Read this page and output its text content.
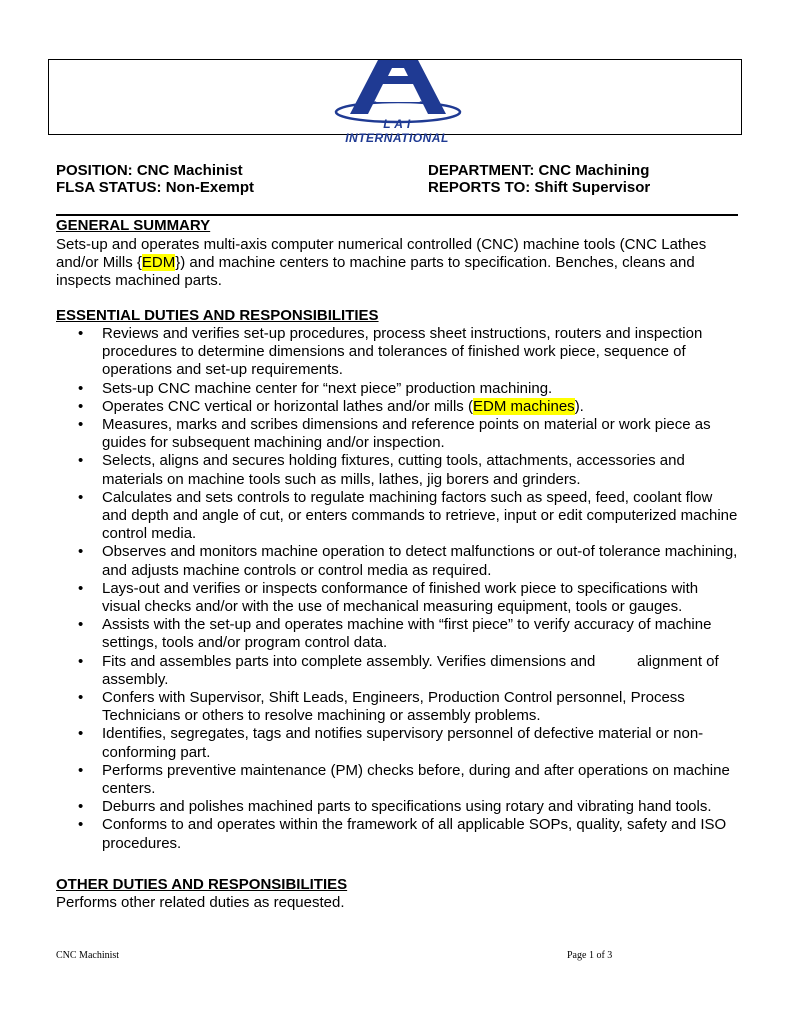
L A I INTERNATIONAL
POSITION: CNC Machinist
FLSA STATUS: Non-Exempt
DEPARTMENT: CNC Machining
REPORTS TO: Shift Supervisor
GENERAL SUMMARY
Sets-up and operates multi-axis computer numerical controlled (CNC) machine tools (CNC Lathes and/or Mills {EDM}) and machine centers to machine parts to specification. Benches, cleans and inspects machined parts.
ESSENTIAL DUTIES AND RESPONSIBILITIES
• Reviews and verifies set-up procedures, process sheet instructions, routers and inspection procedures to determine dimensions and tolerances of finished work piece, sequence of operations and set-up requirements.
• Sets-up CNC machine center for “next piece” production machining.
• Operates CNC vertical or horizontal lathes and/or mills (EDM machines).
• Measures, marks and scribes dimensions and reference points on material or work piece as guides for subsequent machining and/or inspection.
• Selects, aligns and secures holding fixtures, cutting tools, attachments, accessories and materials on machine tools such as mills, lathes, jig borers and grinders.
• Calculates and sets controls to regulate machining factors such as speed, feed, coolant flow and depth and angle of cut, or enters commands to retrieve, input or edit computerized machine control media.
• Observes and monitors machine operation to detect malfunctions or out-of tolerance machining, and adjusts machine controls or control media as required.
• Lays-out and verifies or inspects conformance of finished work piece to specifications with visual checks and/or with the use of mechanical measuring equipment, tools or gauges.
• Assists with the set-up and operates machine with “first piece” to verify accuracy of machine settings, tools and/or program control data.
• Fits and assembles parts into complete assembly. Verifies dimensions and          alignment of assembly.
• Confers with Supervisor, Shift Leads, Engineers, Production Control personnel, Process Technicians or others to resolve machining or assembly problems.
• Identifies, segregates, tags and notifies supervisory personnel of defective material or non-conforming part.
• Performs preventive maintenance (PM) checks before, during and after operations on machine centers.
• Deburrs and polishes machined parts to specifications using rotary and vibrating hand tools.
• Conforms to and operates within the framework of all applicable SOPs, quality, safety and ISO procedures.
OTHER DUTIES AND RESPONSIBILITIES
Performs other related duties as requested.
CNC Machinist	Page 1 of 3
